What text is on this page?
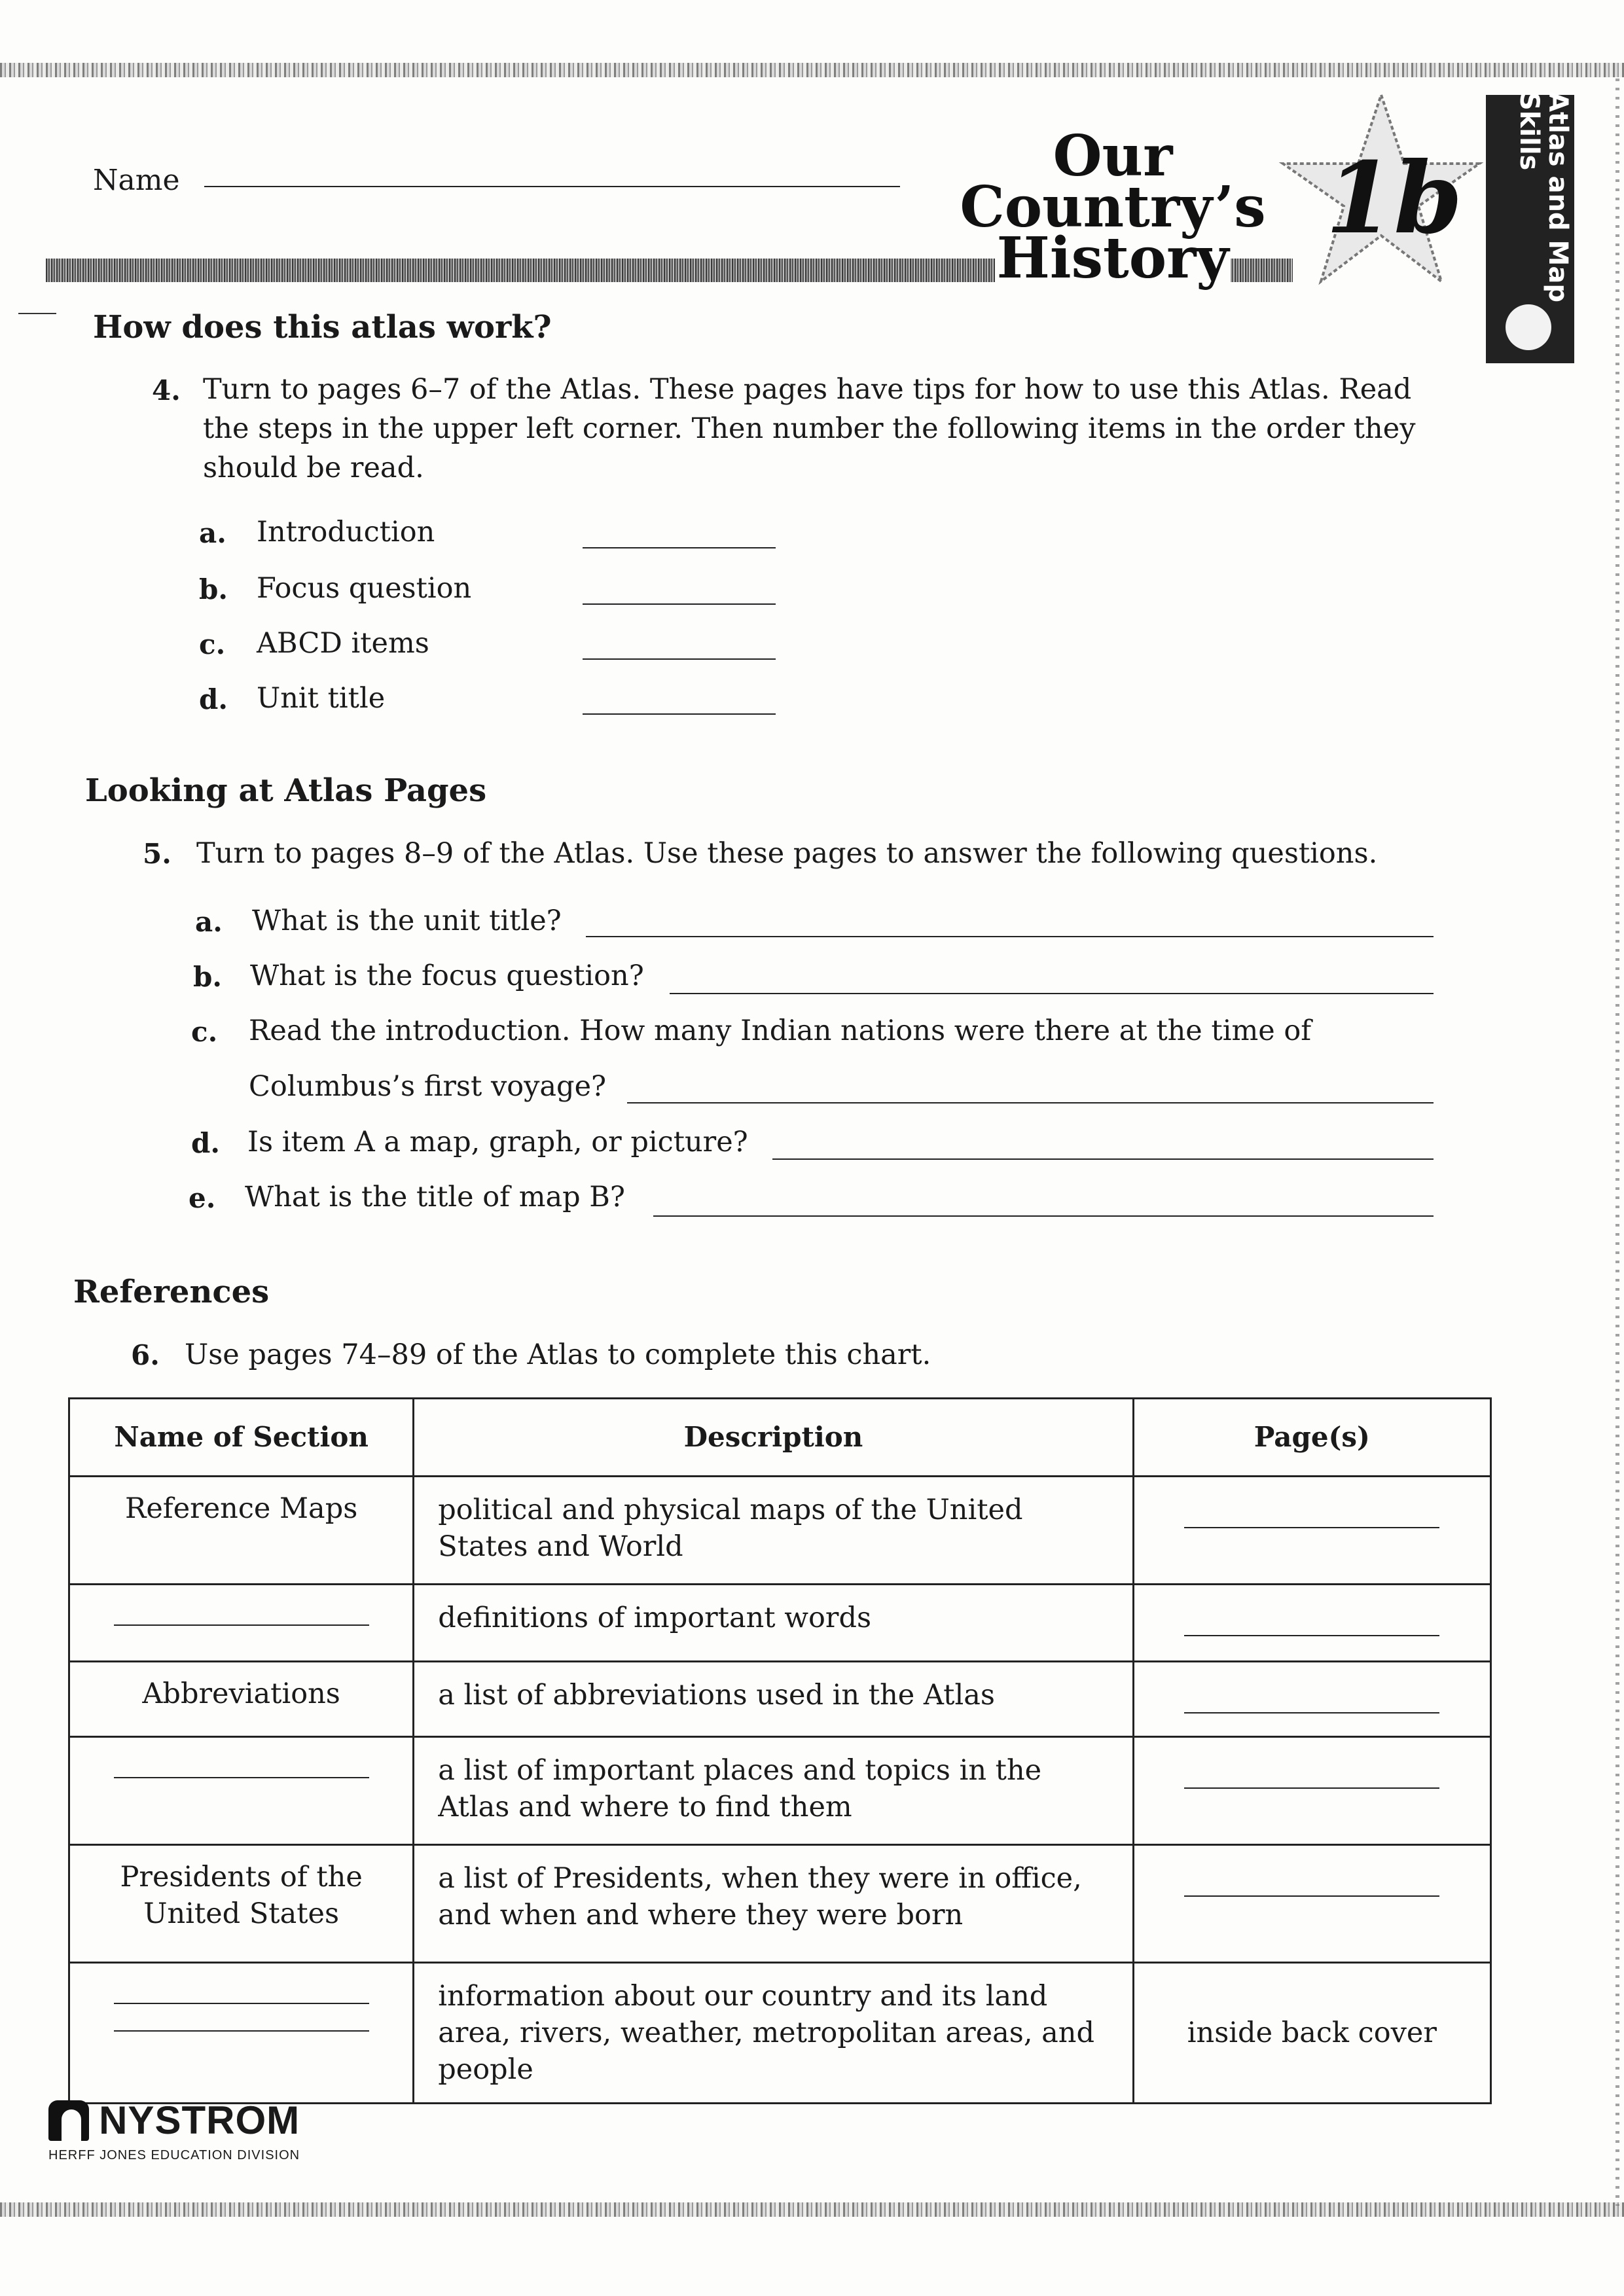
Name	Our
Country’s
History
1b	Atlas and Map Skills
How does this atlas work?
4. Turn to pages 6–7 of the Atlas. These pages have tips for how to use this Atlas. Read the steps in the upper left corner. Then number the following items in the order they should be read.
a. Introduction
b. Focus question
c. ABCD items
d. Unit title
Looking at Atlas Pages
5. Turn to pages 8–9 of the Atlas. Use these pages to answer the following questions.
a. What is the unit title?
b. What is the focus question?
c. Read the introduction. How many Indian nations were there at the time of
Columbus’s first voyage?
d. Is item A a map, graph, or picture?
e. What is the title of map B?
References
6. Use pages 74–89 of the Atlas to complete this chart.
Name of Section	Description	Page(s)
Reference Maps	political and physical maps of the United States and World	

	definitions of important words	

Abbreviations	a list of abbreviations used in the Atlas	

	a list of important places and topics in the Atlas and where to find them	

Presidents of the United States	a list of Presidents, when they were in office, and when and where they were born	

	information about our country and its land area, rivers, weather, metropolitan areas, and people	inside back cover
NYSTROM
HERFF JONES EDUCATION DIVISION
